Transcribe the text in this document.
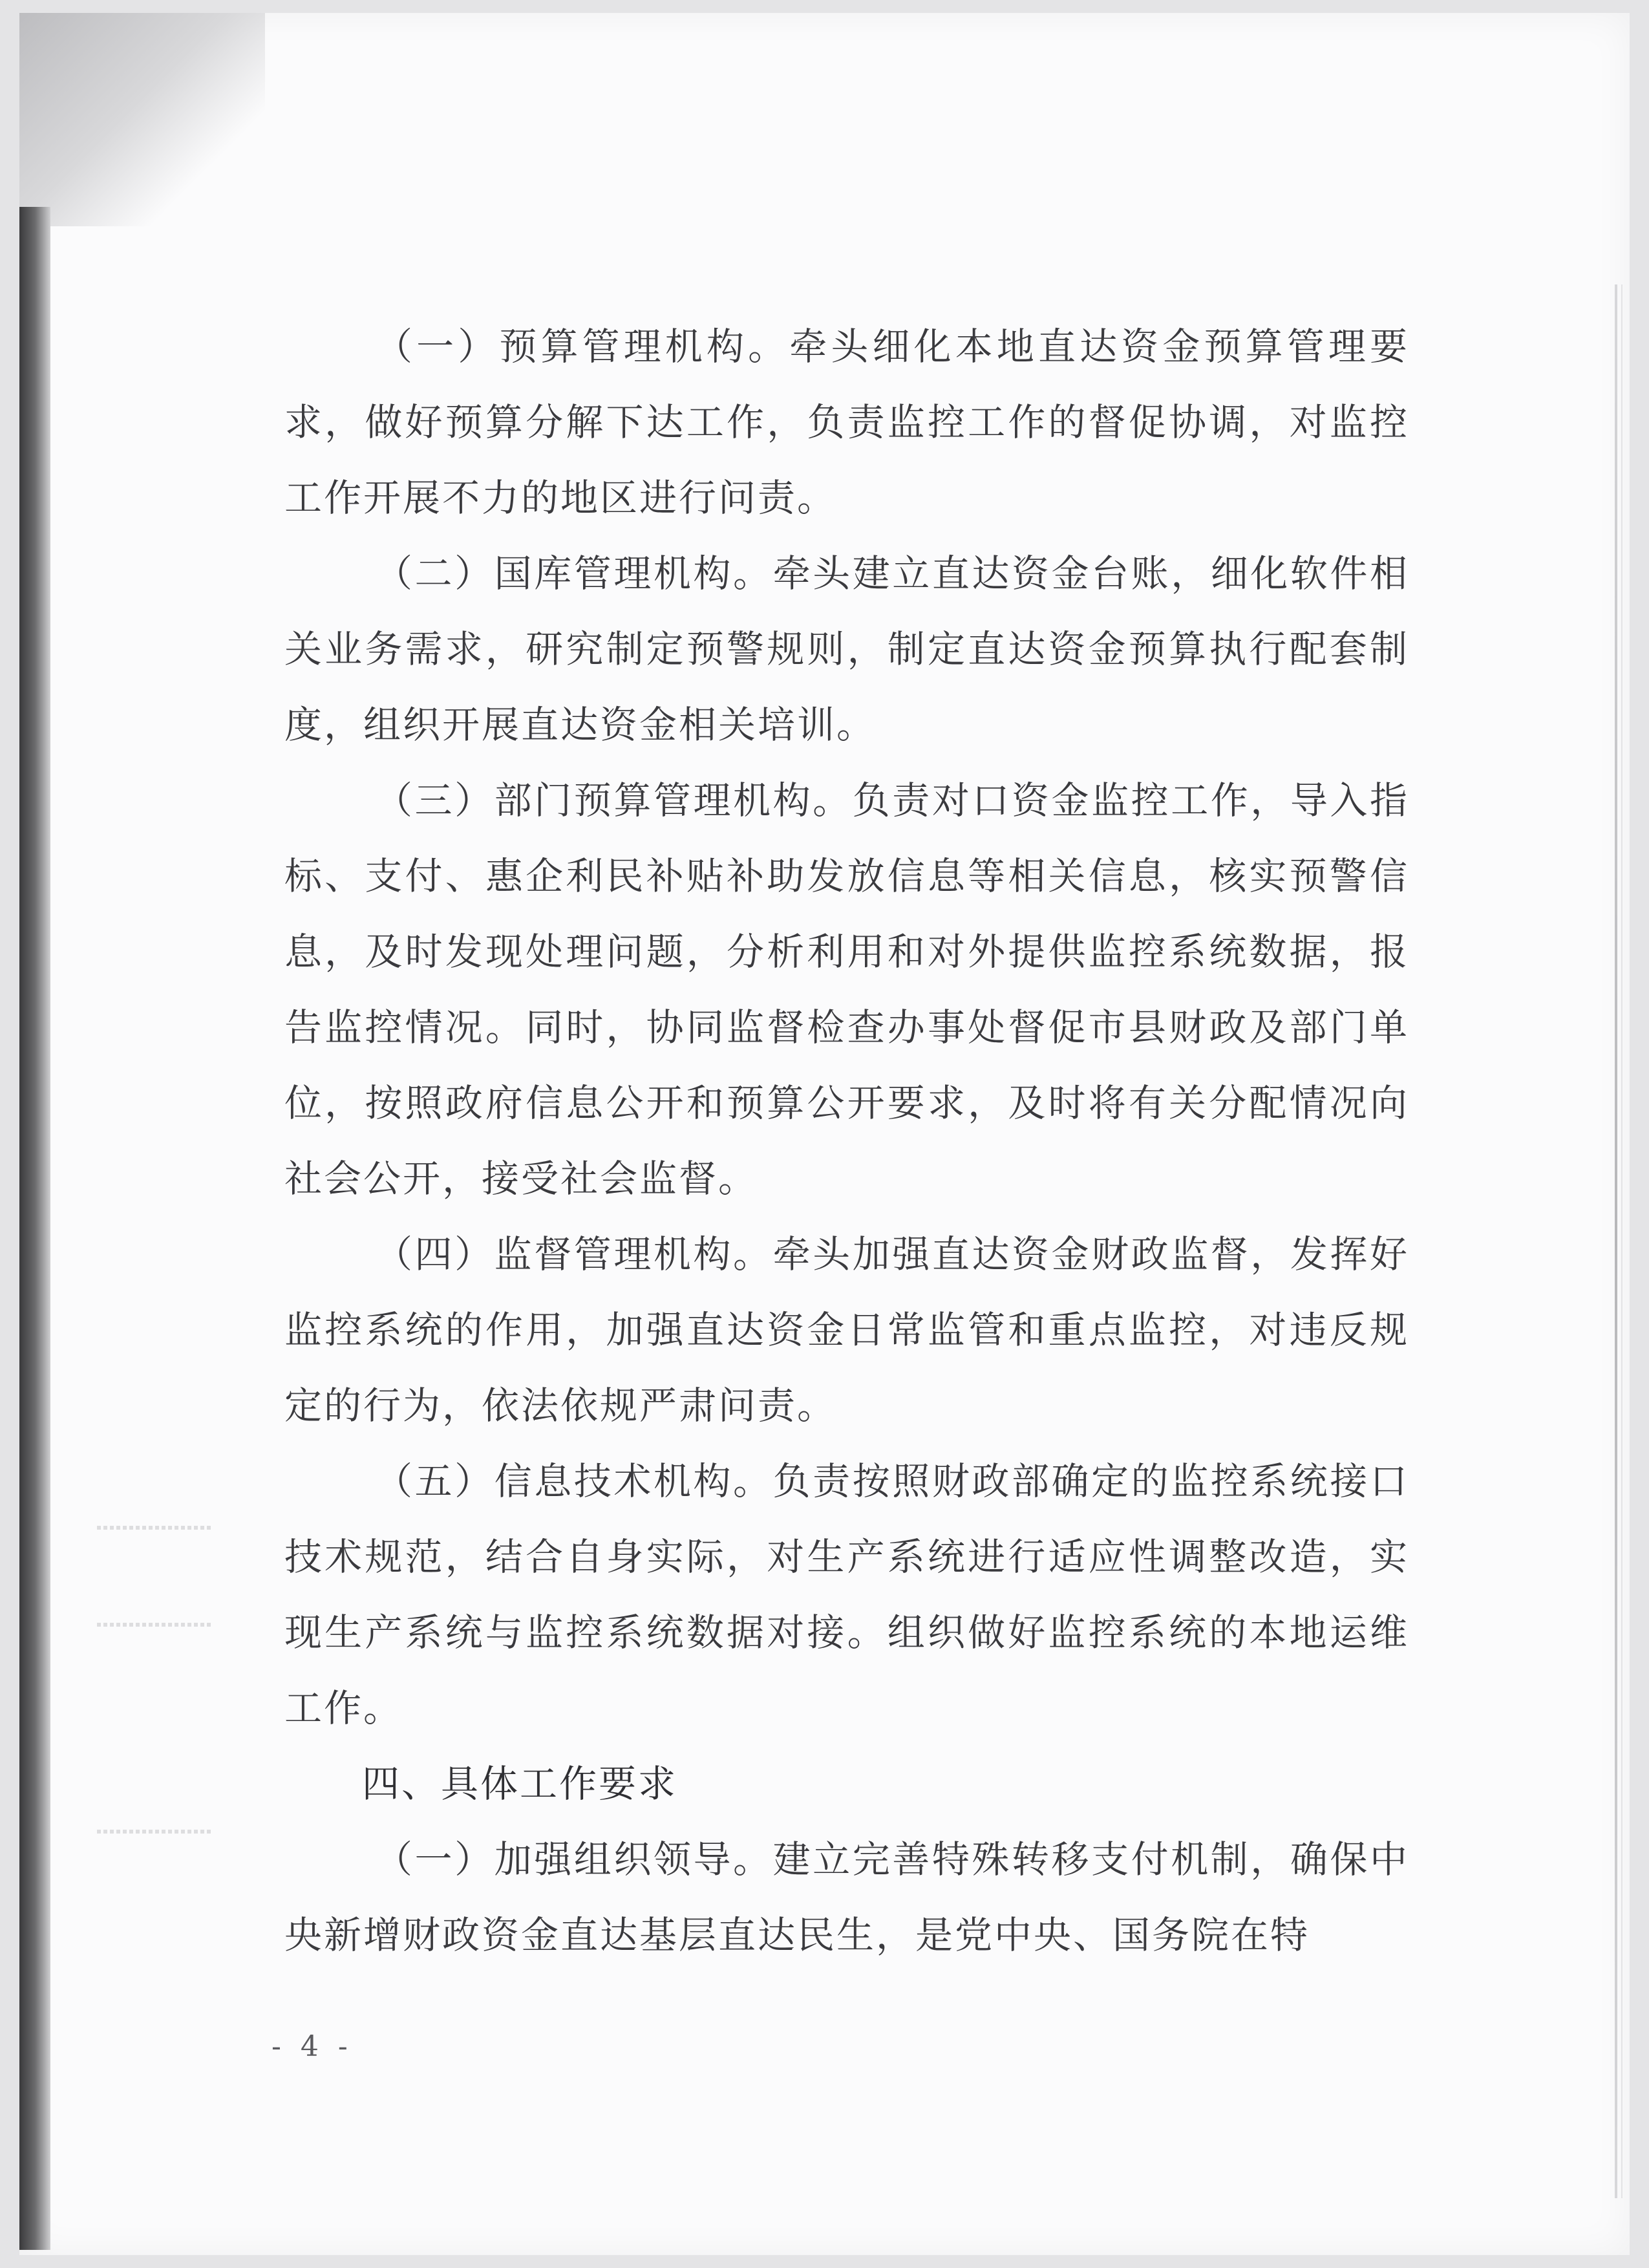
（一）预算管理机构。牵头细化本地直达资金预算管理要求，做好预算分解下达工作，负责监控工作的督促协调，对监控工作开展不力的地区进行问责。

（二）国库管理机构。牵头建立直达资金台账，细化软件相关业务需求，研究制定预警规则，制定直达资金预算执行配套制度，组织开展直达资金相关培训。

（三）部门预算管理机构。负责对口资金监控工作，导入指标、支付、惠企利民补贴补助发放信息等相关信息，核实预警信息，及时发现处理问题，分析利用和对外提供监控系统数据，报告监控情况。同时，协同监督检查办事处督促市县财政及部门单位，按照政府信息公开和预算公开要求，及时将有关分配情况向社会公开，接受社会监督。

（四）监督管理机构。牵头加强直达资金财政监督，发挥好监控系统的作用，加强直达资金日常监管和重点监控，对违反规定的行为，依法依规严肃问责。

（五）信息技术机构。负责按照财政部确定的监控系统接口技术规范，结合自身实际，对生产系统进行适应性调整改造，实现生产系统与监控系统数据对接。组织做好监控系统的本地运维工作。

四、具体工作要求

（一）加强组织领导。建立完善特殊转移支付机制，确保中央新增财政资金直达基层直达民生，是党中央、国务院在特

- 4 -
